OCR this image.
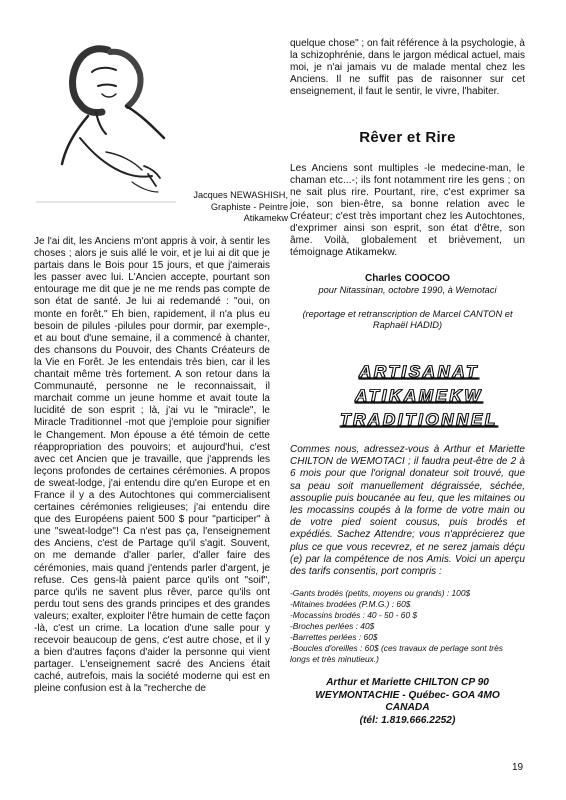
Jacques NEWASHISH,
Graphiste - Peintre
Atikamekw
Je l'ai dit, les Anciens m'ont appris à voir, à sentir les choses ; alors je suis allé le voir, et je lui ai dit que je partais dans le Bois pour 15 jours, et que j'aimerais les passer avec lui. L'Ancien accepte, pourtant son entourage me dit que je ne me rends pas compte de son état de santé. Je lui ai redemandé : "oui, on monte en forêt." Eh bien, rapidement, il n'a plus eu besoin de pilules -pilules pour dormir, par exemple-, et au bout d'une semaine, il a commencé à chanter, des chansons du Pouvoir, des Chants Créateurs de la Vie en Forêt. Je les entendais très bien, car il les chantait même très fortement. A son retour dans la Communauté, personne ne le reconnaissait, il marchait comme un jeune homme et avait toute la lucidité de son esprit ; là, j'ai vu le "miracle", le Miracle Traditionnel -mot que j'emploie pour signifier le Changement. Mon épouse a été témoin de cette réappropriation des pouvoirs; et aujourd'hui, c'est avec cet Ancien que je travaille, que j'apprends les leçons profondes de certaines cérémonies. A propos de sweat-lodge, j'ai entendu dire qu'en Europe et en France il y a des Autochtones qui commercialisent certaines cérémonies religieuses; j'ai entendu dire que des Européens paient 500 $ pour "participer" à une "sweat-lodge"! Ca n'est pas ça, l'enseignement des Anciens, c'est de Partage qu'il s'agit. Souvent, on me demande d'aller parler, d'aller faire des cérémonies, mais quand j'entends parler d'argent, je refuse. Ces gens-là paient parce qu'ils ont "soif", parce qu'ils ne savent plus rêver, parce qu'ils ont perdu tout sens des grands principes et des grandes valeurs; exalter, exploiter l'être humain de cette façon -là, c'est un crime. La location d'une salle pour y recevoir beaucoup de gens, c'est autre chose, et il y a bien d'autres façons d'aider la personne qui vient partager. L'enseignement sacré des Anciens était caché, autrefois, mais la société moderne qui est en pleine confusion est à la "recherche de

quelque chose" ; on fait référence à la psychologie, à la schizophrénie, dans le jargon médical actuel, mais moi, je n'ai jamais vu de malade mental chez les Anciens. Il ne suffit pas de raisonner sur cet enseignement, il faut le sentir, le vivre, l'habiter.

Rêver et Rire

Les Anciens sont multiples -le medecine-man, le chaman etc...-; ils font notamment rire les gens ; on ne sait plus rire. Pourtant, rire, c'est exprimer sa joie, son bien-être, sa bonne relation avec le Créateur; c'est très important chez les Autochtones, d'exprimer ainsi son esprit, son état d'être, son âme. Voilà, globalement et brièvement, un témoignage Atikamekw.

Charles COOCOO
pour Nitassinan, octobre 1990, à Wemotaci
(reportage et retranscription de Marcel CANTON et Raphaël HADID)
ARTISANAT
ATIKAMEKW
TRADITIONNEL

Commes nous, adressez-vous à Arthur et Mariette CHILTON de WEMOTACI ; il faudra peut-être de 2 à 6 mois pour que l'orignal donateur soit trouvé, que sa peau soit manuellement dégraissée, séchée, assouplie puis boucanée au feu, que les mitaines ou les mocassins coupés à la forme de votre main ou de votre pied soient cousus, puis brodés et expédiés. Sachez Attendre; vous n'apprécierez que plus ce que vous recevrez, et ne serez jamais déçu (e) par la compétence de nos Amis. Voici un aperçu des tarifs consentis, port compris :

-Gants brodés (petits, moyens ou grands) : 100$
-Mitaines brodées (P.M.G.) : 60$
-Mocassins brodés : 40 - 50 - 60 $
-Broches perlées : 40$
-Barrettes perlées : 60$
-Boucles d'oreilles : 60$ (ces travaux de perlage sont très longs et très minutieux.)
Arthur et Mariette CHILTON CP 90
WEYMONTACHIE - Québec- GOA 4MO
CANADA
(tél: 1.819.666.2252)
19
